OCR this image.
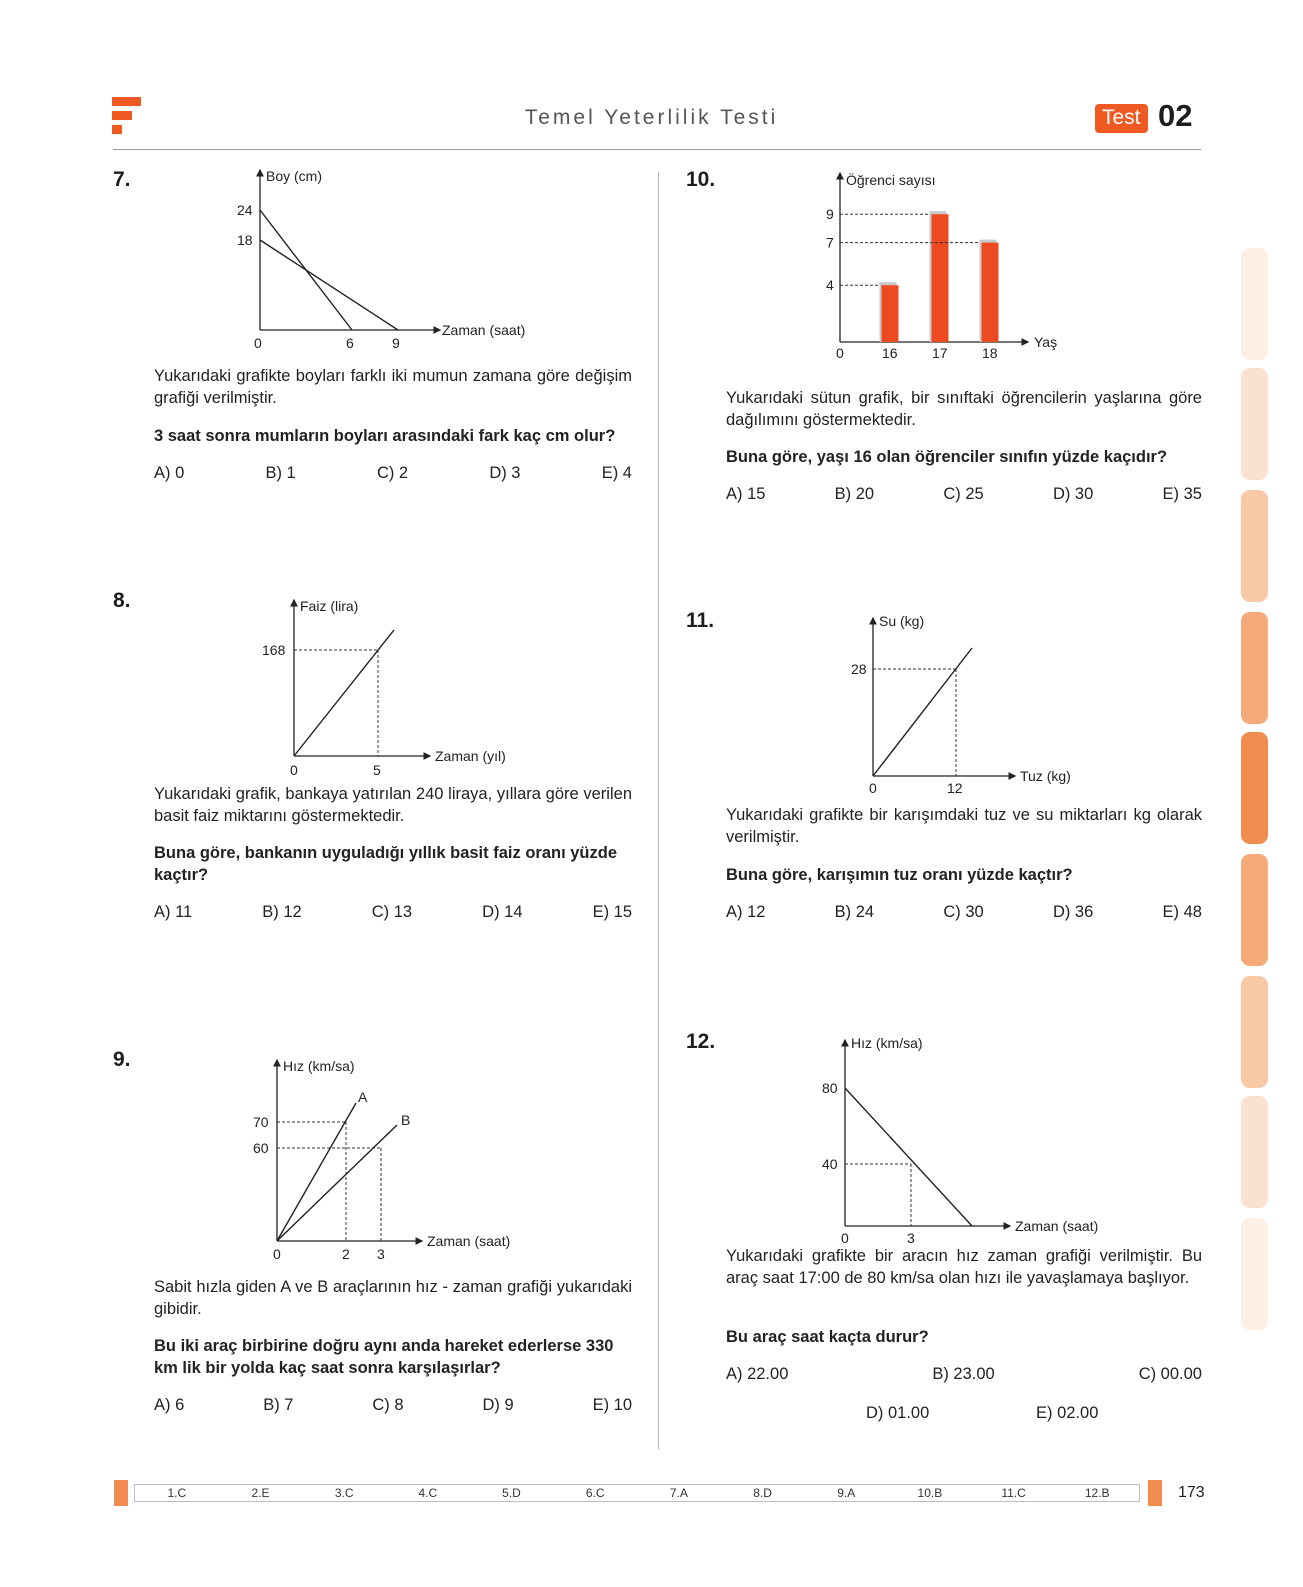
Temel Yeterlilik Testi	Test 02
7.	Boy (cm)
Zaman (saat)
24
18
0	6	9
Yukarıdaki grafikte boyları farklı iki mumun zamana göre değişim grafiği verilmiştir.
3 saat sonra mumların boyları arasındaki fark kaç cm olur?
A) 0	B) 1	C) 2	D) 3	E) 4
8.	Faiz (lira)
Zaman (yıl)
168
0	5
Yukarıdaki grafik, bankaya yatırılan 240 liraya, yıllara göre verilen basit faiz miktarını göstermektedir.
Buna göre, bankanın uyguladığı yıllık basit faiz oranı yüzde kaçtır?
A) 11	B) 12	C) 13	D) 14	E) 15
9.
A
B
Hız (km/sa)
Zaman (saat)
70
60
0	2 3
Sabit hızla giden A ve B araçlarının hız - zaman grafiği yukarıdaki gibidir.
Bu iki araç birbirine doğru aynı anda hareket ederlerse 330 km lik bir yolda kaç saat sonra karşılaşırlar?
A) 6	B) 7	C) 8	D) 9	E) 10
10.	Öğrenci sayısı
Yaş
0
4
16
9
17
7
18
Yukarıdaki sütun grafik, bir sınıftaki öğrencilerin yaşlarına göre dağılımını göstermektedir.
Buna göre, yaşı 16 olan öğrenciler sınıfın yüzde kaçıdır?
A) 15	B) 20	C) 25	D) 30	E) 35
11.	Su (kg)
Tuz (kg)
28
0	12
Yukarıdaki grafikte bir karışımdaki tuz ve su miktarları kg olarak verilmiştir.
Buna göre, karışımın tuz oranı yüzde kaçtır?
A) 12	B) 24	C) 30	D) 36	E) 48
12.	Hız (km/sa)
Zaman (saat)
80
40
0	3
Yukarıdaki grafikte bir aracın hız zaman grafiği verilmiştir. Bu araç saat 17:00 de 80 km/sa olan hızı ile yavaşlamaya başlıyor.
Bu araç saat kaçta durur?
A) 22.00	B) 23.00	C) 00.00
D) 01.00	E) 02.00
1.C	2.E	3.C	4.C	5.D	6.C	7.A	8.D	9.A	10.B	11.C	12.B	173
